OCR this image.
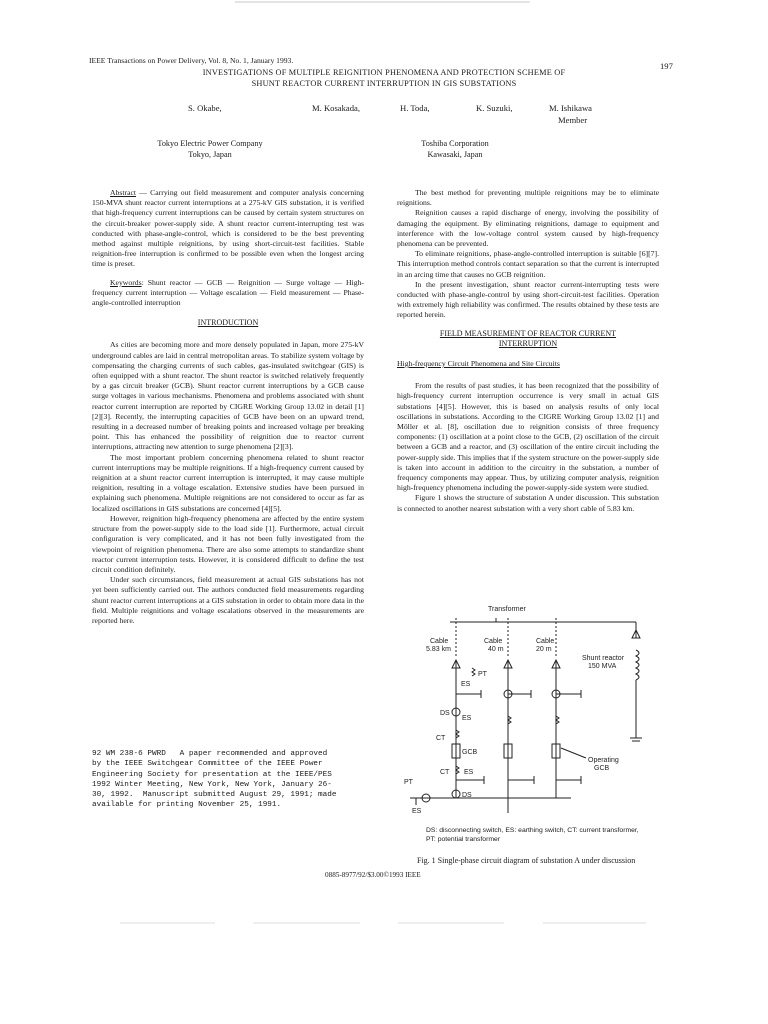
IEEE Transactions on Power Delivery, Vol. 8, No. 1, January 1993.
197
INVESTIGATIONS OF MULTIPLE REIGNITION PHENOMENA AND PROTECTION SCHEME OF
SHUNT REACTOR CURRENT INTERRUPTION IN GIS SUBSTATIONS
S. Okabe,	M. Kosakada,	H. Toda,	K. Suzuki,	M. Ishikawa
Member
Tokyo Electric Power Company
Tokyo, Japan
Toshiba Corporation
Kawasaki, Japan

Abstract — Carrying out field measurement and computer analysis concerning 150-MVA shunt reactor current interruptions at a 275-kV GIS substation, it is verified that high-frequency current interruptions can be caused by certain system structures on the circuit-breaker power-supply side. A shunt reactor current-interrupting test was conducted with phase-angle-control, which is considered to be the best preventing method against multiple reignitions, by using short-circuit-test facilities. Stable reignition-free interruption is confirmed to be possible even when the longest arcing time is preset.

Keywords: Shunt reactor — GCB — Reignition — Surge voltage — High-frequency current interruption — Voltage escalation — Field measurement — Phase-angle-controlled interruption

INTRODUCTION

As cities are becoming more and more densely populated in Japan, more 275-kV underground cables are laid in central metropolitan areas. To stabilize system voltage by compensating the charging currents of such cables, gas-insulated switchgear (GIS) is often equipped with a shunt reactor. The shunt reactor is switched relatively frequently by a gas circuit breaker (GCB). Shunt reactor current interruptions by a GCB cause surge voltages in various mechanisms. Phenomena and problems associated with shunt reactor current interruption are reported by CIGRE Working Group 13.02 in detail [1][2][3]. Recently, the interrupting capacities of GCB have been on an upward trend, resulting in a decreased number of breaking points and increased voltage per breaking point. This has enhanced the possibility of reignition due to reactor current interruptions, attracting new attention to surge phenomena [2][3].

The most important problem concerning phenomena related to shunt reactor current interruptions may be multiple reignitions. If a high-frequency current caused by reignition at a shunt reactor current interruption is interrupted, it may cause multiple reignition, resulting in a voltage escalation. Extensive studies have been pursued in explaining such phenomena. Multiple reignitions are not considered to occur as far as localized oscillations in GIS substations are concerned [4][5].

However, reignition high-frequency phenomena are affected by the entire system structure from the power-supply side to the load side [1]. Furthermore, actual circuit configuration is very complicated, and it has not been fully investigated from the viewpoint of reignition phenomena. There are also some attempts to standardize shunt reactor current interruption tests. However, it is considered difficult to define the test circuit condition definitely.

Under such circumstances, field measurement at actual GIS substations has not yet been sufficiently carried out. The authors conducted field measurements regarding shunt reactor current interruptions at a GIS substation in order to obtain more data in the field. Multiple reignitions and voltage escalations observed in the measurements are reported here.

92 WM 238-6 PWRD   A paper recommended and approved
by the IEEE Switchgear Committee of the IEEE Power
Engineering Society for presentation at the IEEE/PES
1992 Winter Meeting, New York, New York, January 26-
30, 1992.  Manuscript submitted August 29, 1991; made
available for printing November 25, 1991.

The best method for preventing multiple reignitions may be to eliminate reignitions.

Reignition causes a rapid discharge of energy, involving the possibility of damaging the equipment. By eliminating reignitions, damage to equipment and interference with the low-voltage control system caused by high-frequency phenomena can be prevented.

To eliminate reignitions, phase-angle-controlled interruption is suitable [6][7]. This interruption method controls contact separation so that the current is interrupted in an arcing time that causes no GCB reignition.

In the present investigation, shunt reactor current-interrupting tests were conducted with phase-angle-control by using short-circuit-test facilities. Operation with extremely high reliability was confirmed. The results obtained by these tests are reported herein.

FIELD MEASUREMENT OF REACTOR CURRENT
INTERRUPTION
High-frequency Circuit Phenomena and Site Circuits

From the results of past studies, it has been recognized that the possibility of high-frequency current interruption occurrence is very small in actual GIS substations [4][5]. However, this is based on analysis results of only local oscillations in substations. According to the CIGRE Working Group 13.02 [1] and Möller et al. [8], oscillation due to reignition consists of three frequency components: (1) oscillation at a point close to the GCB, (2) oscillation of the circuit between a GCB and a reactor, and (3) oscillation of the entire circuit including the power-supply side. This implies that if the system structure on the power-supply side is taken into account in addition to the circuitry in the substation, a number of frequency components may appear. Thus, by utilizing computer analysis, reignition high-frequency phenomena including the power-supply-side system were studied.

Figure 1 shows the structure of substation A under discussion. This substation is connected to another nearest substation with a very short cable of 5.83 km.

Transformer
Cable
5.83 km
Cable
40 m
Cable
20 m
Shunt reactor
150 MVA
PT
ES
DS
ES
CT
GCB
Operating
GCB
CT ES
PT
DS
ES
DS: disconnecting switch, ES: earthing switch, CT: current transformer,
PT: potential transformer
Fig. 1 Single-phase circuit diagram of substation A under discussion
0885-8977/92/$3.00©1993 IEEE
